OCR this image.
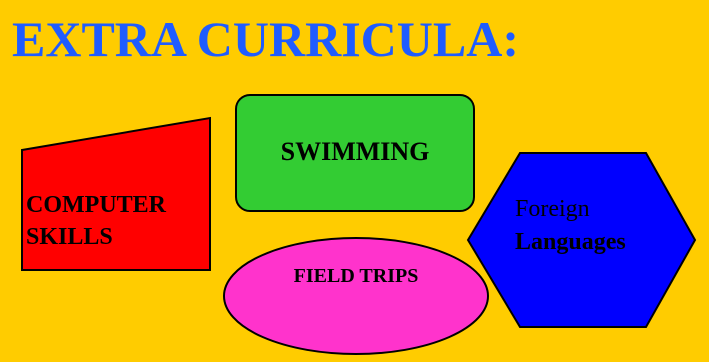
EXTRA CURRICULA:
COMPUTER
SKILLS
SWIMMING
FIELD TRIPS
Foreign
Languages
